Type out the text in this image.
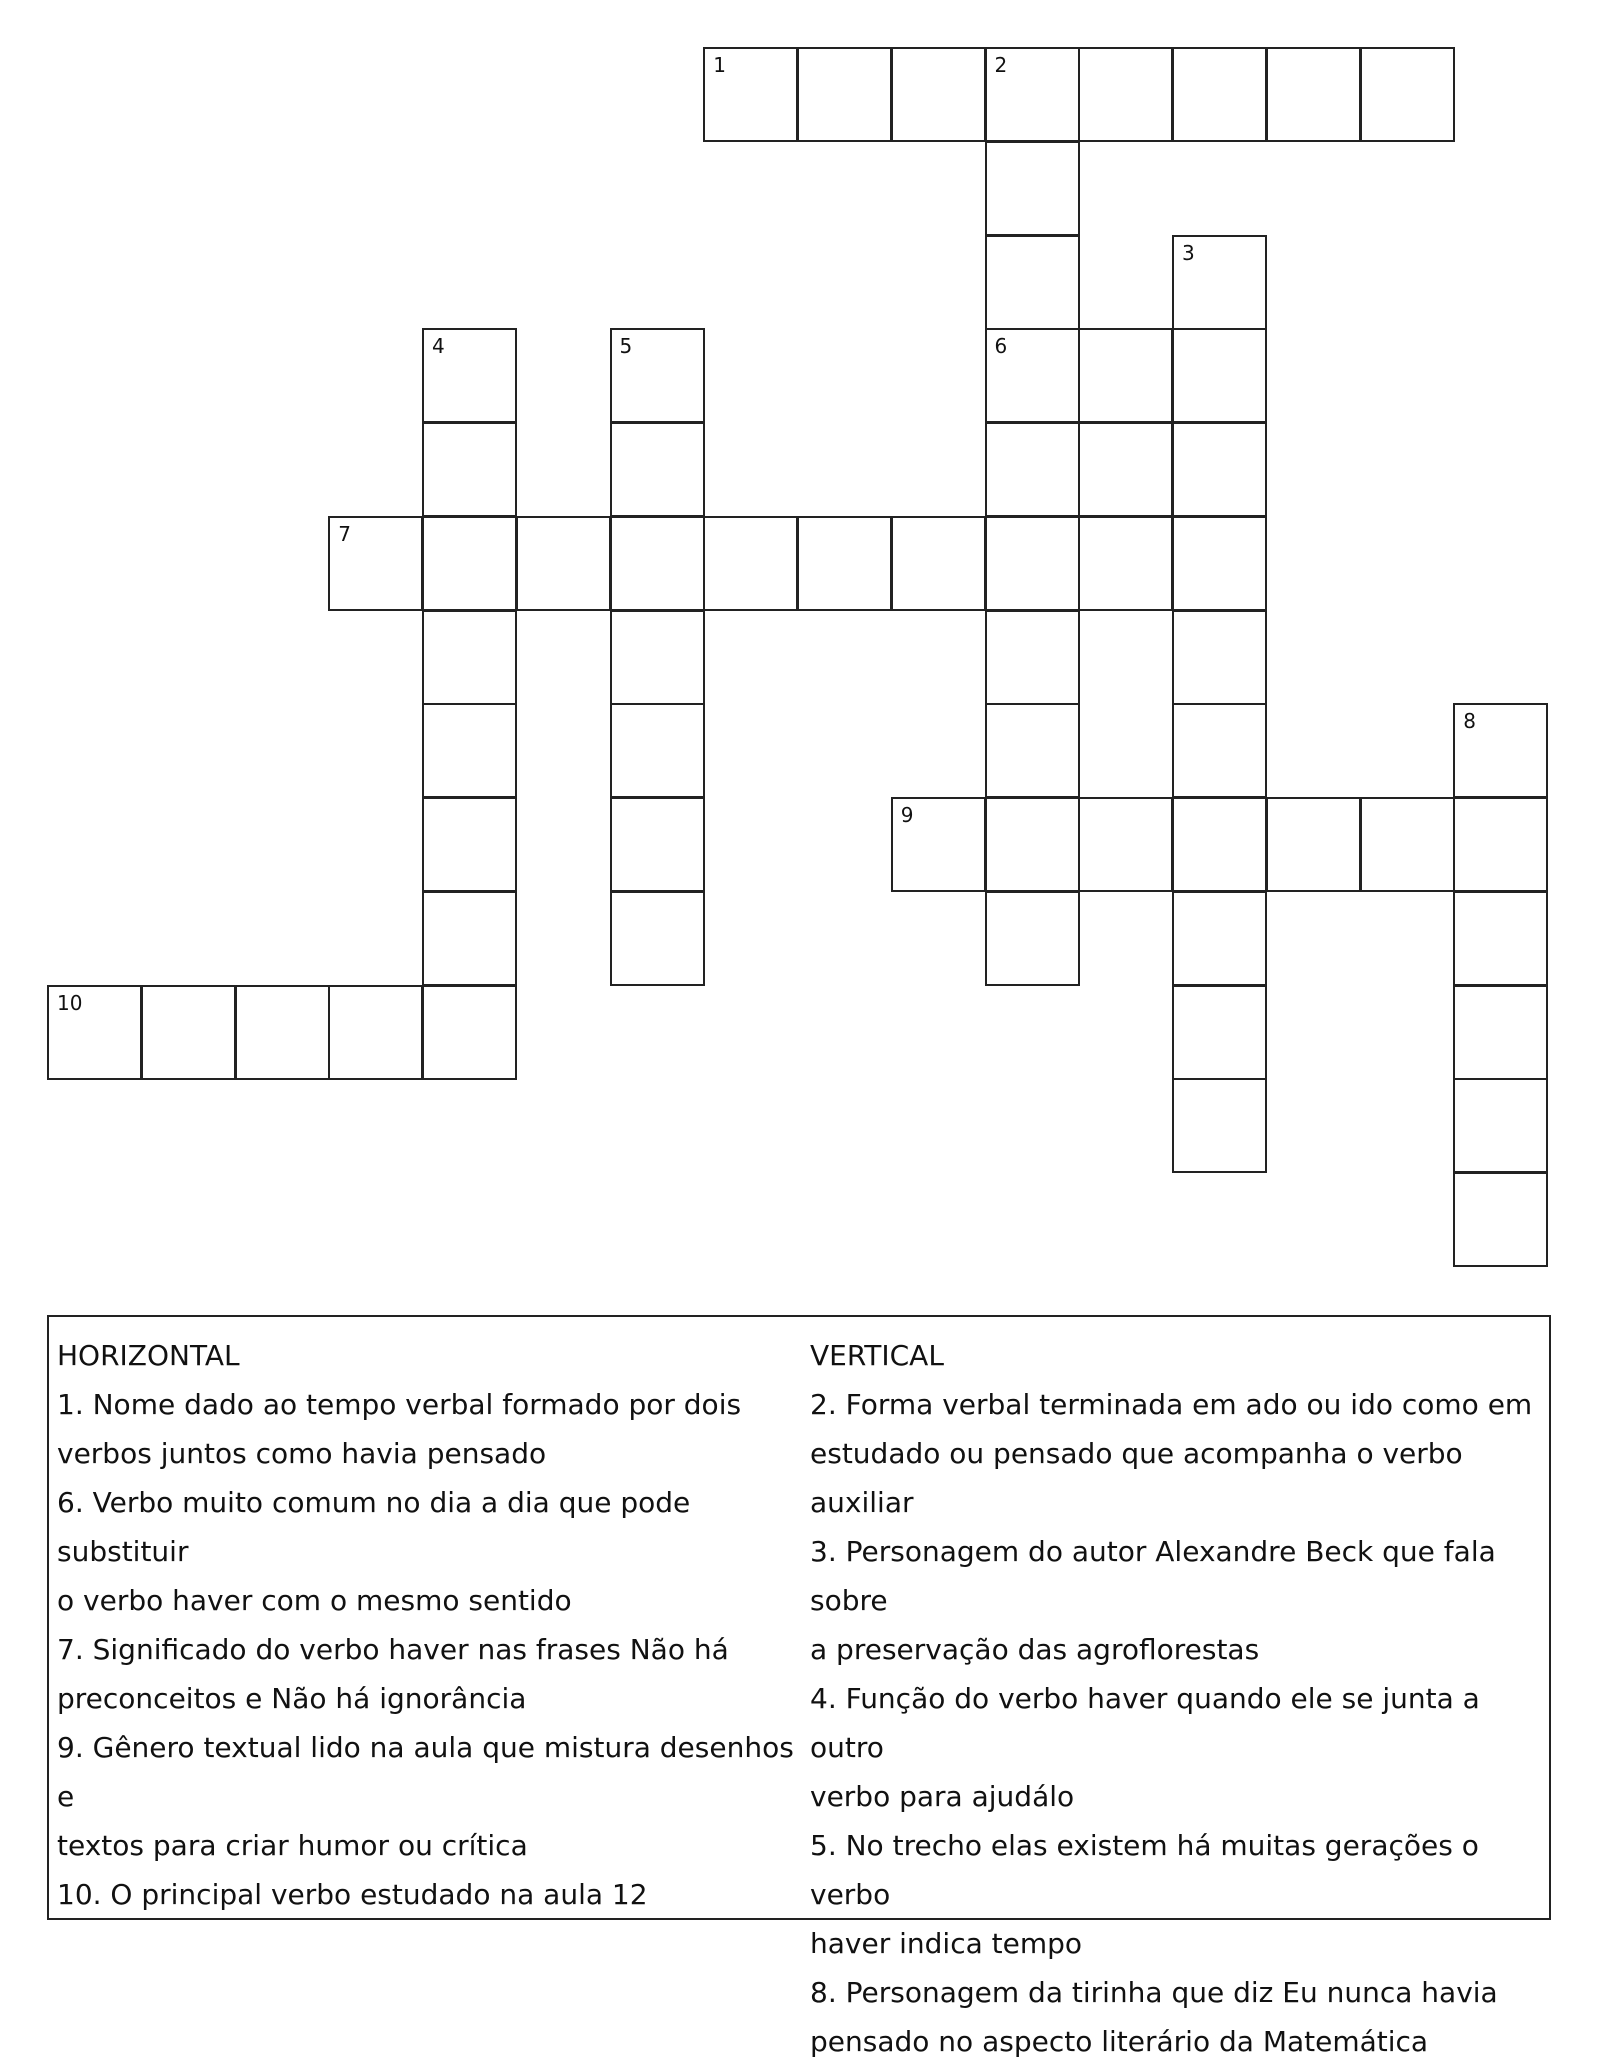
1	2
3
4	5	6
7
8
9
10
HORIZONTAL
1. Nome dado ao tempo verbal formado por dois
verbos juntos como havia pensado
6. Verbo muito comum no dia a dia que pode substituir
o verbo haver com o mesmo sentido
7. Significado do verbo haver nas frases Não há
preconceitos e Não há ignorância
9. Gênero textual lido na aula que mistura desenhos e
textos para criar humor ou crítica
10. O principal verbo estudado na aula 12
VERTICAL
2. Forma verbal terminada em ado ou ido como em
estudado ou pensado que acompanha o verbo auxiliar
3. Personagem do autor Alexandre Beck que fala sobre
a preservação das agroflorestas
4. Função do verbo haver quando ele se junta a outro
verbo para ajudálo
5. No trecho elas existem há muitas gerações o verbo
haver indica tempo
8. Personagem da tirinha que diz Eu nunca havia
pensado no aspecto literário da Matemática
